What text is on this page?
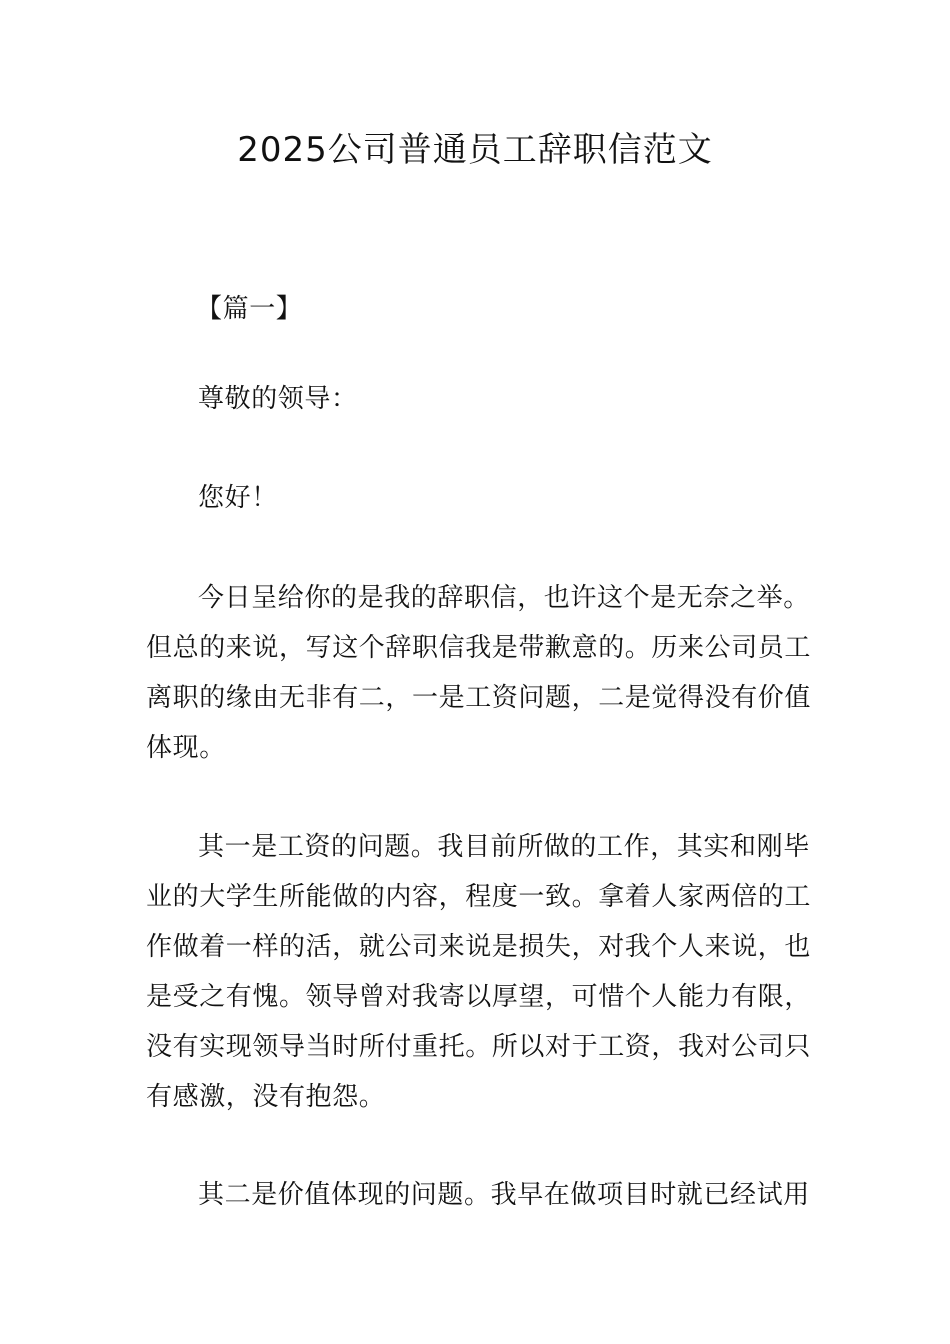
2025公司普通员工辞职信范文
【篇一】
尊敬的领导：
您好！
今日呈给你的是我的辞职信，也许这个是无奈之举。
但总的来说，写这个辞职信我是带歉意的。历来公司员工
离职的缘由无非有二，一是工资问题，二是觉得没有价值
体现。
其一是工资的问题。我目前所做的工作，其实和刚毕
业的大学生所能做的内容，程度一致。拿着人家两倍的工
作做着一样的活，就公司来说是损失，对我个人来说，也
是受之有愧。领导曾对我寄以厚望，可惜个人能力有限，
没有实现领导当时所付重托。所以对于工资，我对公司只
有感激，没有抱怨。
其二是价值体现的问题。我早在做项目时就已经试用
